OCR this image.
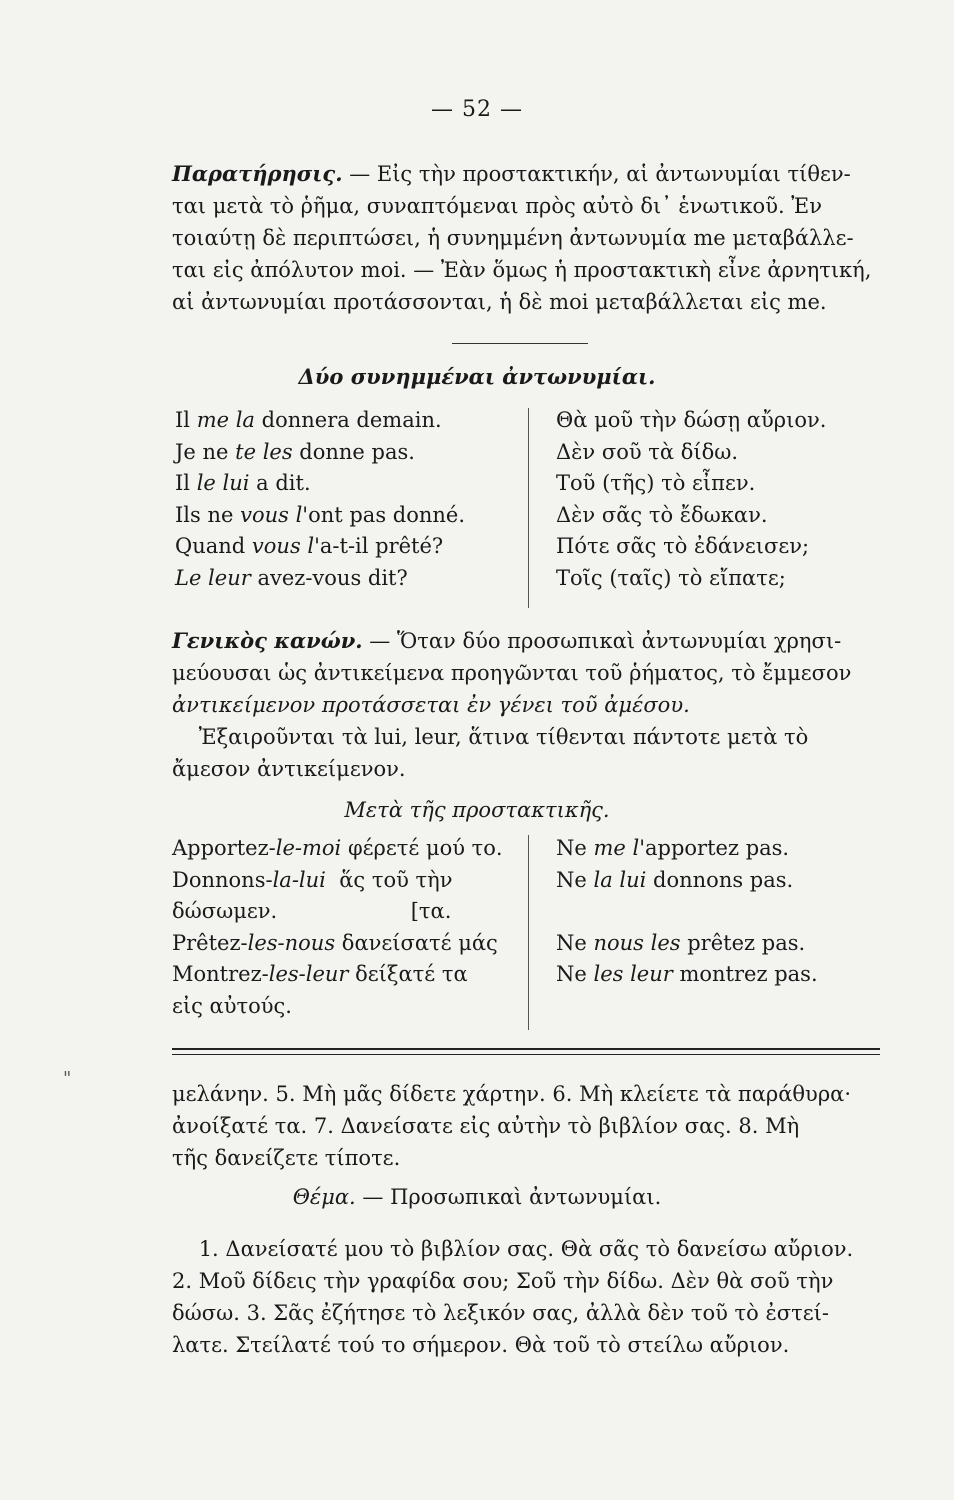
— 52 —
Παρατήρησις. — Εἰς τὴν προστακτικήν, αἱ ἀντωνυμίαι τίθεν-
ται μετὰ τὸ ῥῆμα, συναπτόμεναι πρὸς αὐτὸ δι᾽ ἑνωτικοῦ. Ἐν
τοιαύτῃ δὲ περιπτώσει, ἡ συνημμένη ἀντωνυμία me μεταβάλλε-
ται εἰς ἀπόλυτον moi. — Ἐὰν ὅμως ἡ προστακτικὴ εἶνε ἀρνητική,
αἱ ἀντωνυμίαι προτάσσονται, ἡ δὲ moi μεταβάλλεται εἰς me.
Δύο συνημμέναι ἀντωνυμίαι.
Il me la donnera demain.
Je ne te les donne pas.
Il le lui a dit.
Ils ne vous l'ont pas donné.
Quand vous l'a-t-il prêté?
Le leur avez-vous dit?
Θὰ μοῦ τὴν δώσῃ αὔριον.
Δὲν σοῦ τὰ δίδω.
Τοῦ (τῆς) τὸ εἶπεν.
Δὲν σᾶς τὸ ἔδωκαν.
Πότε σᾶς τὸ ἐδάνεισεν;
Τοῖς (ταῖς) τὸ εἴπατε;
Γενικὸς κανών. — Ὅταν δύο προσωπικαὶ ἀντωνυμίαι χρησι-
μεύουσαι ὡς ἀντικείμενα προηγῶνται τοῦ ῥήματος, τὸ ἔμμεσον
ἀντικείμενον προτάσσεται ἐν γένει τοῦ ἀμέσου.
Ἐξαιροῦνται τὰ lui, leur, ἅτινα τίθενται πάντοτε μετὰ τὸ
ἄμεσον ἀντικείμενον.
Μετὰ τῆς προστακτικῆς.
Apportez-le-moi φέρετέ μού το.
Donnons-la-lui  ἅς τοῦ τὴν
δώσωμεν.                    [τα.
Prêtez-les-nous δανείσατέ μάς
Montrez-les-leur δείξατέ τα
εἰς αὐτούς.
Ne me l'apportez pas.
Ne la lui donnons pas.

Ne nous les prêtez pas.
Ne les leur montrez pas.
"
μελάνην. 5. Μὴ μᾶς δίδετε χάρτην. 6. Μὴ κλείετε τὰ παράθυρα·
ἀνοίξατέ τα. 7. Δανείσατε εἰς αὐτὴν τὸ βιβλίον σας. 8. Μὴ
τῆς δανείζετε τίποτε.
Θέμα. — Προσωπικαὶ ἀντωνυμίαι.
1. Δανείσατέ μου τὸ βιβλίον σας. Θὰ σᾶς τὸ δανείσω αὔριον.
2. Μοῦ δίδεις τὴν γραφίδα σου; Σοῦ τὴν δίδω. Δὲν θὰ σοῦ τὴν
δώσω. 3. Σᾶς ἐζήτησε τὸ λεξικόν σας, ἀλλὰ δὲν τοῦ τὸ ἐστεί-
λατε. Στείλατέ τού το σήμερον. Θὰ τοῦ τὸ στείλω αὔριον.
